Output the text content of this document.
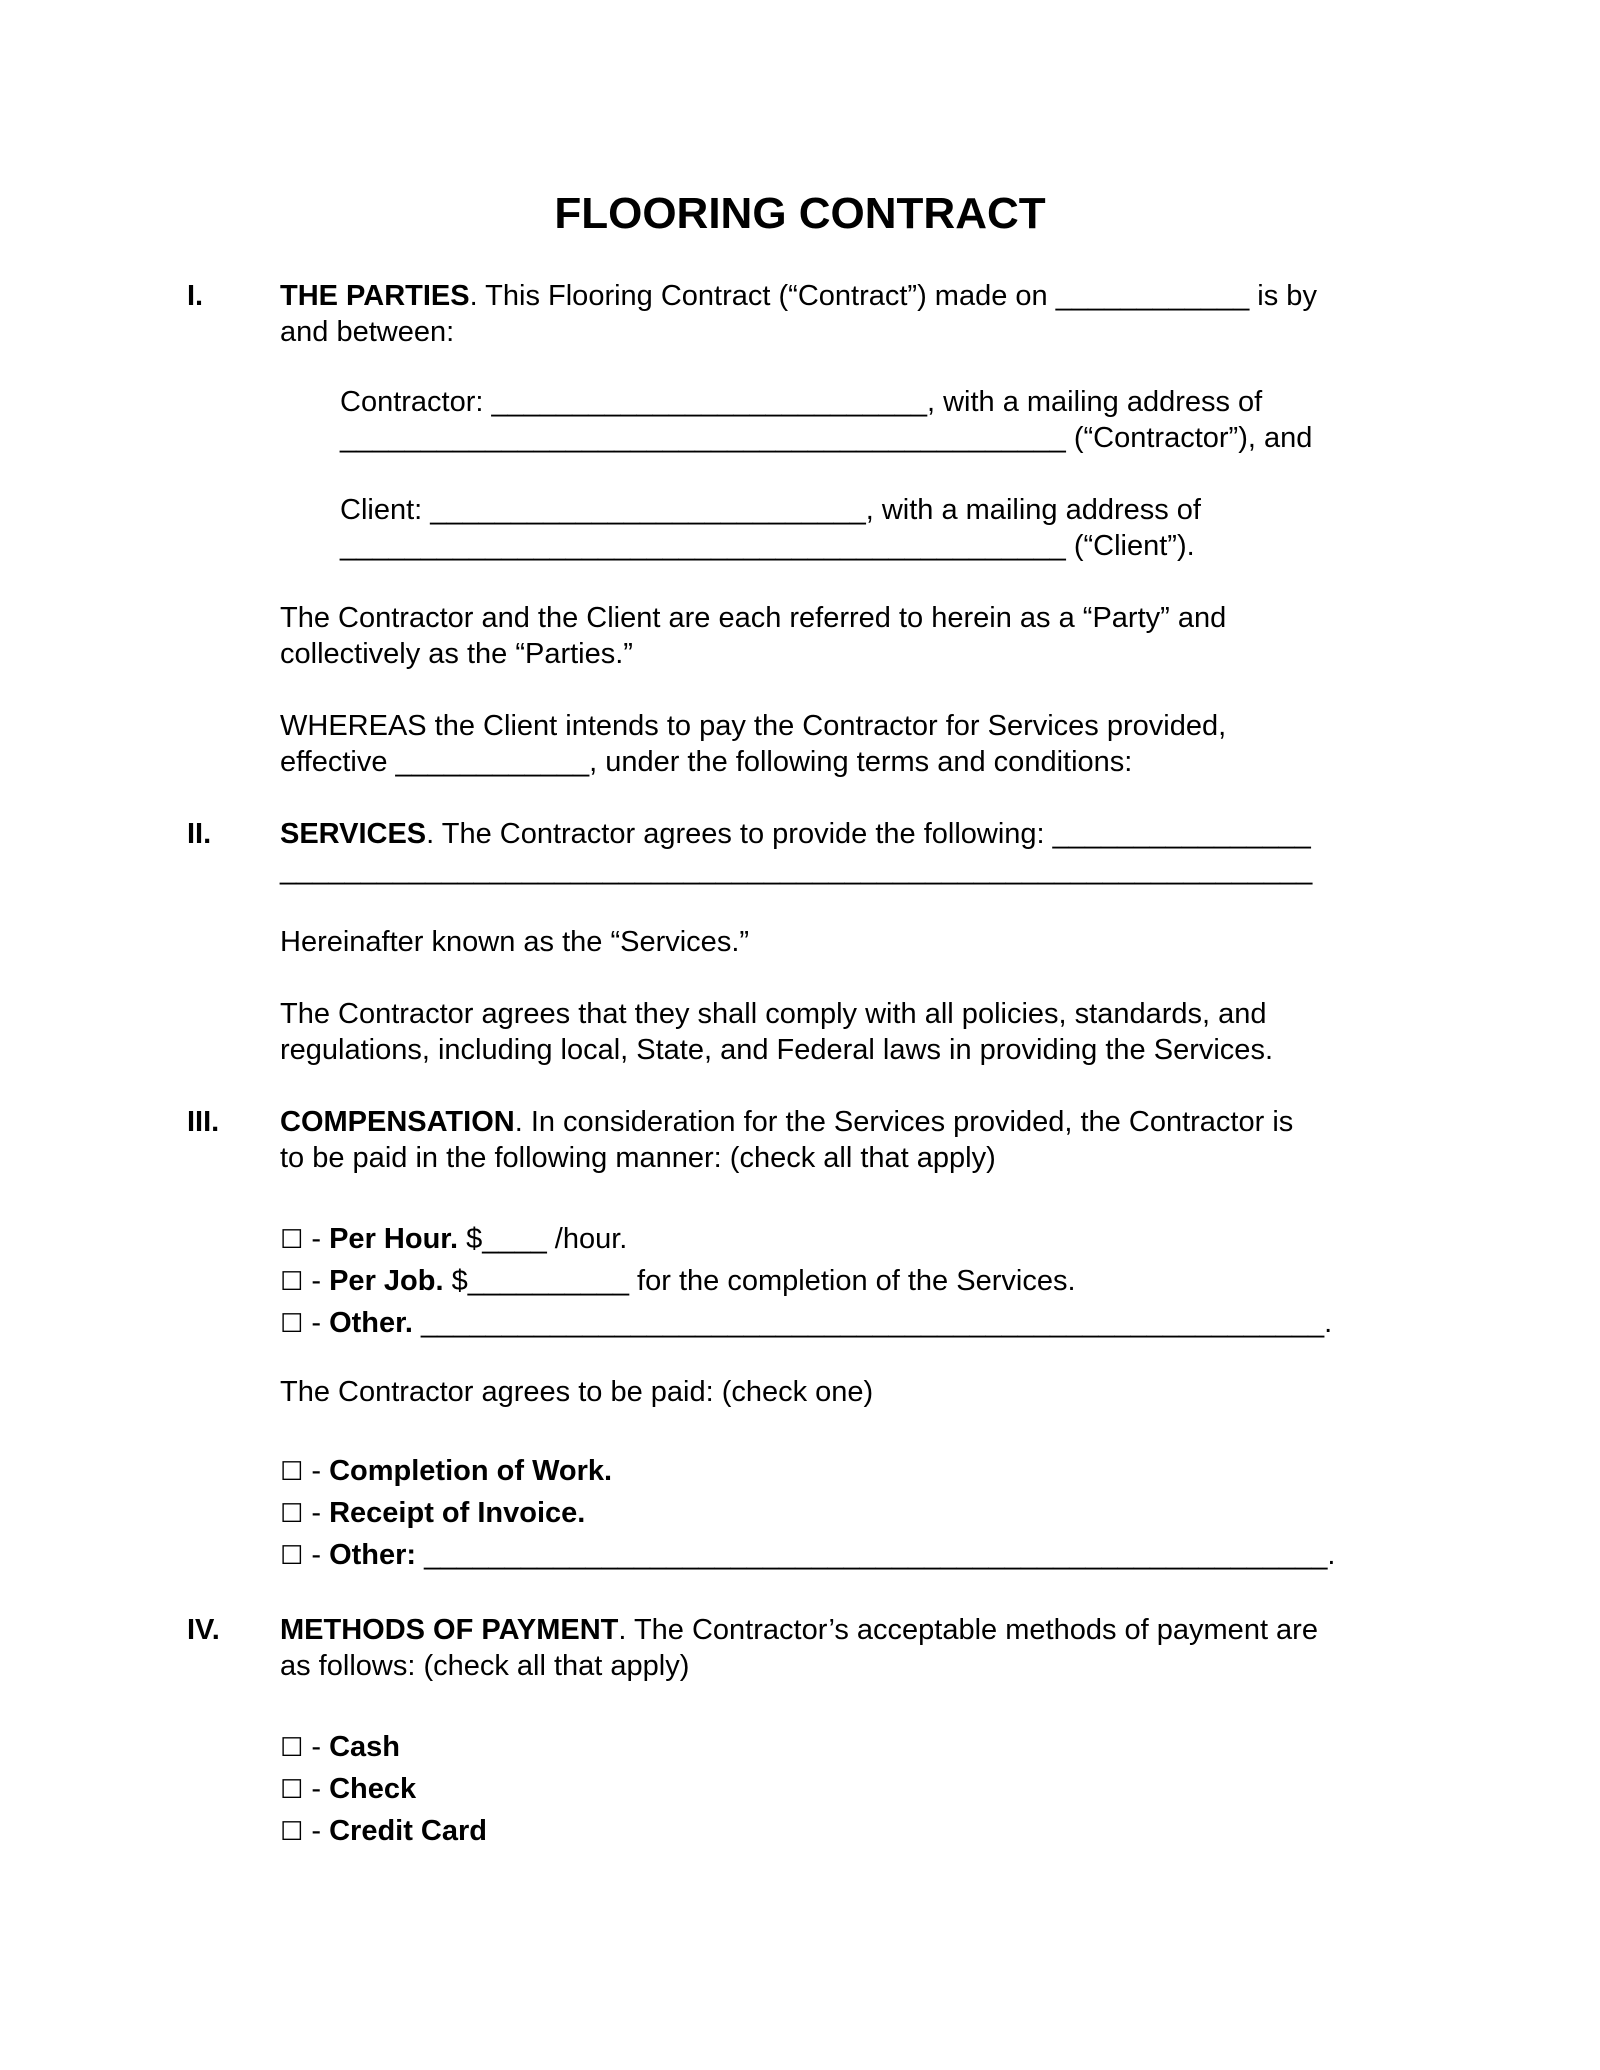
FLOORING CONTRACT
I.	THE PARTIES. This Flooring Contract (“Contract”) made on ____________ is by
and between:
Contractor: ___________________________, with a mailing address of
_____________________________________________ (“Contractor”), and
Client: ___________________________, with a mailing address of
_____________________________________________ (“Client”).
The Contractor and the Client are each referred to herein as a “Party” and
collectively as the “Parties.”
WHEREAS the Client intends to pay the Contractor for Services provided,
effective ____________, under the following terms and conditions:
II. SERVICES. The Contractor agrees to provide the following: ________________
________________________________________________________________
Hereinafter known as the “Services.”
The Contractor agrees that they shall comply with all policies, standards, and
regulations, including local, State, and Federal laws in providing the Services.
III. COMPENSATION. In consideration for the Services provided, the Contractor is
to be paid in the following manner: (check all that apply)
☐ - Per Hour. $____ /hour.
☐ - Per Job. $__________ for the completion of the Services.
☐ - Other. ________________________________________________________.
The Contractor agrees to be paid: (check one)
☐ - Completion of Work.
☐ - Receipt of Invoice.
☐ - Other: ________________________________________________________.
IV. METHODS OF PAYMENT. The Contractor’s acceptable methods of payment are
as follows: (check all that apply)
☐ - Cash
☐ - Check
☐ - Credit Card
